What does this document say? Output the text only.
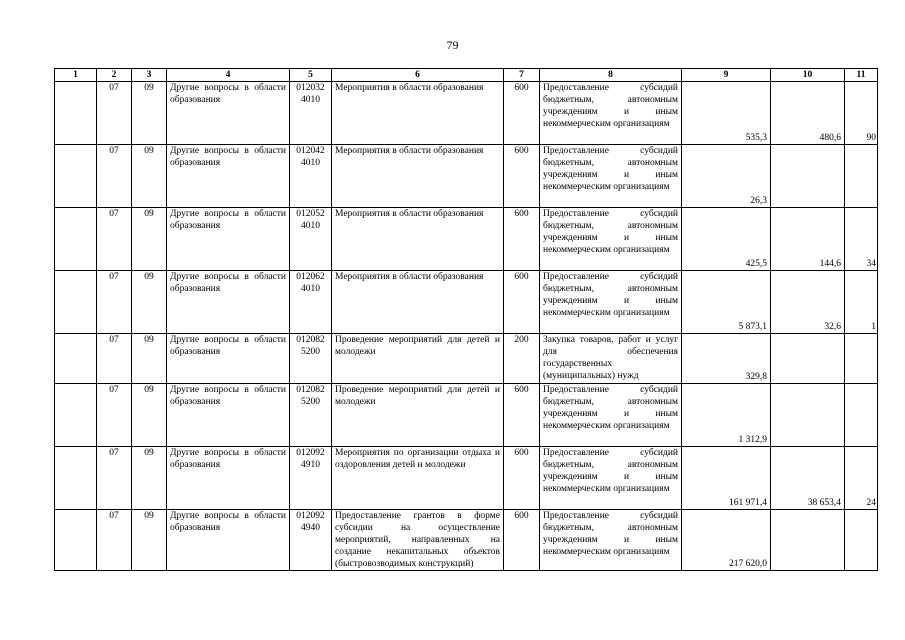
79
1	2	3	4	5	6	7	8	9	10	11
	07	09	Другие вопросы в области образования	012032 4010	Мероприятия в области образования	600	Предоставление субсидий бюджетным, автономным учреждениям и иным некоммерческим организациям	535,3	480,6	90
	07	09	Другие вопросы в области образования	012042 4010	Мероприятия в области образования	600	Предоставление субсидий бюджетным, автономным учреждениям и иным некоммерческим организациям	26,3		
	07	09	Другие вопросы в области образования	012052 4010	Мероприятия в области образования	600	Предоставление субсидий бюджетным, автономным учреждениям и иным некоммерческим организациям	425,5	144,6	34
	07	09	Другие вопросы в области образования	012062 4010	Мероприятия в области образования	600	Предоставление субсидий бюджетным, автономным учреждениям и иным некоммерческим организациям	5 873,1	32,6	1
	07	09	Другие вопросы в области образования	012082 5200	Проведение мероприятий для детей и молодежи	200	Закупка товаров, работ и услуг для обеспечения государственных (муниципальных) нужд	329,8		
	07	09	Другие вопросы в области образования	012082 5200	Проведение мероприятий для детей и молодежи	600	Предоставление субсидий бюджетным, автономным учреждениям и иным некоммерческим организациям	1 312,9		
	07	09	Другие вопросы в области образования	012092 4910	Мероприятия по организации отдыха и оздоровления детей и молодежи	600	Предоставление субсидий бюджетным, автономным учреждениям и иным некоммерческим организациям	161 971,4	38 653,4	24
	07	09	Другие вопросы в области образования	012092 4940	Предоставление грантов в форме субсидии на осуществление мероприятий, направленных на создание некапитальных объектов (быстровозводимых конструкций)	600	Предоставление субсидий бюджетным, автономным учреждениям и иным некоммерческим организациям	217 620,0		
